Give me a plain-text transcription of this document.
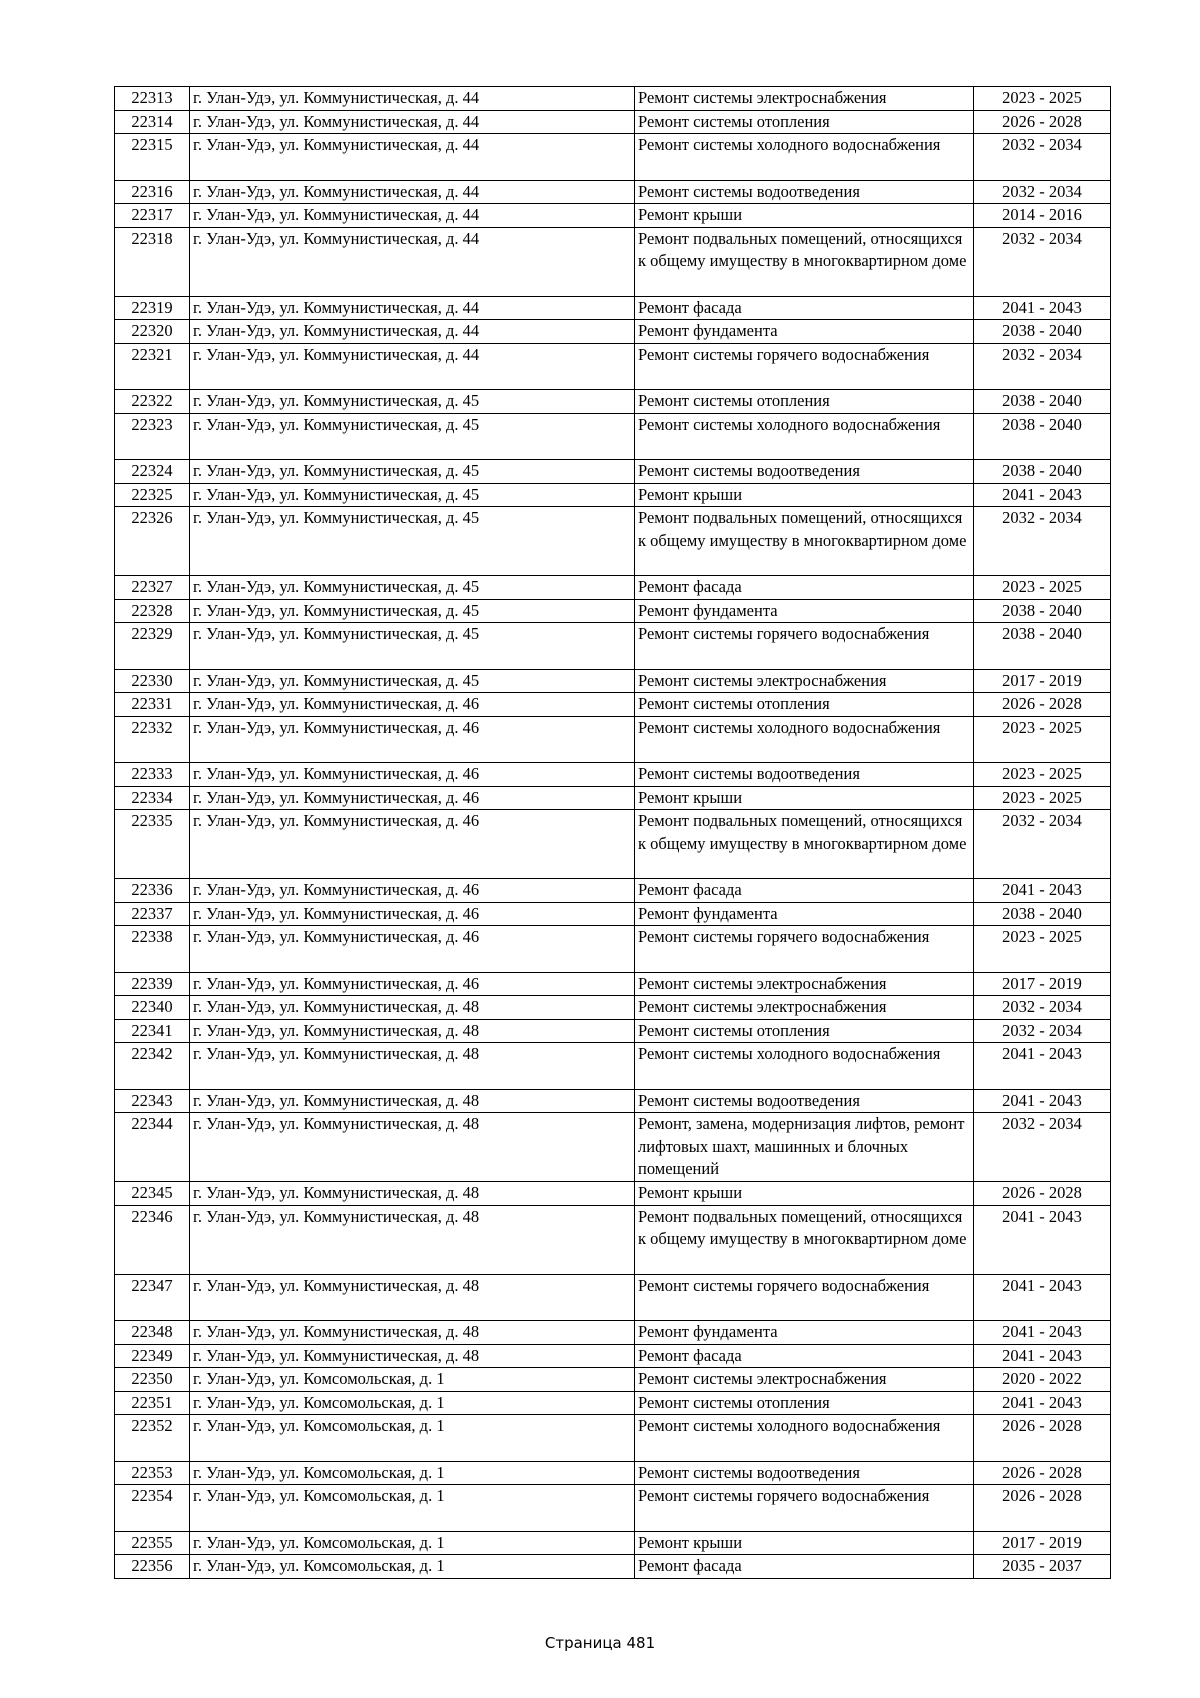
22313	г. Улан-Удэ, ул. Коммунистическая, д. 44	Ремонт системы электроснабжения	2023 - 2025
22314	г. Улан-Удэ, ул. Коммунистическая, д. 44	Ремонт системы отопления	2026 - 2028
22315	г. Улан-Удэ, ул. Коммунистическая, д. 44	Ремонт системы холодного водоснабжения	2032 - 2034
22316	г. Улан-Удэ, ул. Коммунистическая, д. 44	Ремонт системы водоотведения	2032 - 2034
22317	г. Улан-Удэ, ул. Коммунистическая, д. 44	Ремонт крыши	2014 - 2016
22318	г. Улан-Удэ, ул. Коммунистическая, д. 44	Ремонт подвальных помещений, относящихся к общему имуществу в многоквартирном доме	2032 - 2034
22319	г. Улан-Удэ, ул. Коммунистическая, д. 44	Ремонт фасада	2041 - 2043
22320	г. Улан-Удэ, ул. Коммунистическая, д. 44	Ремонт фундамента	2038 - 2040
22321	г. Улан-Удэ, ул. Коммунистическая, д. 44	Ремонт системы горячего водоснабжения	2032 - 2034
22322	г. Улан-Удэ, ул. Коммунистическая, д. 45	Ремонт системы отопления	2038 - 2040
22323	г. Улан-Удэ, ул. Коммунистическая, д. 45	Ремонт системы холодного водоснабжения	2038 - 2040
22324	г. Улан-Удэ, ул. Коммунистическая, д. 45	Ремонт системы водоотведения	2038 - 2040
22325	г. Улан-Удэ, ул. Коммунистическая, д. 45	Ремонт крыши	2041 - 2043
22326	г. Улан-Удэ, ул. Коммунистическая, д. 45	Ремонт подвальных помещений, относящихся к общему имуществу в многоквартирном доме	2032 - 2034
22327	г. Улан-Удэ, ул. Коммунистическая, д. 45	Ремонт фасада	2023 - 2025
22328	г. Улан-Удэ, ул. Коммунистическая, д. 45	Ремонт фундамента	2038 - 2040
22329	г. Улан-Удэ, ул. Коммунистическая, д. 45	Ремонт системы горячего водоснабжения	2038 - 2040
22330	г. Улан-Удэ, ул. Коммунистическая, д. 45	Ремонт системы электроснабжения	2017 - 2019
22331	г. Улан-Удэ, ул. Коммунистическая, д. 46	Ремонт системы отопления	2026 - 2028
22332	г. Улан-Удэ, ул. Коммунистическая, д. 46	Ремонт системы холодного водоснабжения	2023 - 2025
22333	г. Улан-Удэ, ул. Коммунистическая, д. 46	Ремонт системы водоотведения	2023 - 2025
22334	г. Улан-Удэ, ул. Коммунистическая, д. 46	Ремонт крыши	2023 - 2025
22335	г. Улан-Удэ, ул. Коммунистическая, д. 46	Ремонт подвальных помещений, относящихся к общему имуществу в многоквартирном доме	2032 - 2034
22336	г. Улан-Удэ, ул. Коммунистическая, д. 46	Ремонт фасада	2041 - 2043
22337	г. Улан-Удэ, ул. Коммунистическая, д. 46	Ремонт фундамента	2038 - 2040
22338	г. Улан-Удэ, ул. Коммунистическая, д. 46	Ремонт системы горячего водоснабжения	2023 - 2025
22339	г. Улан-Удэ, ул. Коммунистическая, д. 46	Ремонт системы электроснабжения	2017 - 2019
22340	г. Улан-Удэ, ул. Коммунистическая, д. 48	Ремонт системы электроснабжения	2032 - 2034
22341	г. Улан-Удэ, ул. Коммунистическая, д. 48	Ремонт системы отопления	2032 - 2034
22342	г. Улан-Удэ, ул. Коммунистическая, д. 48	Ремонт системы холодного водоснабжения	2041 - 2043
22343	г. Улан-Удэ, ул. Коммунистическая, д. 48	Ремонт системы водоотведения	2041 - 2043
22344	г. Улан-Удэ, ул. Коммунистическая, д. 48	Ремонт, замена, модернизация лифтов, ремонт лифтовых шахт, машинных и блочных помещений	2032 - 2034
22345	г. Улан-Удэ, ул. Коммунистическая, д. 48	Ремонт крыши	2026 - 2028
22346	г. Улан-Удэ, ул. Коммунистическая, д. 48	Ремонт подвальных помещений, относящихся к общему имуществу в многоквартирном доме	2041 - 2043
22347	г. Улан-Удэ, ул. Коммунистическая, д. 48	Ремонт системы горячего водоснабжения	2041 - 2043
22348	г. Улан-Удэ, ул. Коммунистическая, д. 48	Ремонт фундамента	2041 - 2043
22349	г. Улан-Удэ, ул. Коммунистическая, д. 48	Ремонт фасада	2041 - 2043
22350	г. Улан-Удэ, ул. Комсомольская, д. 1	Ремонт системы электроснабжения	2020 - 2022
22351	г. Улан-Удэ, ул. Комсомольская, д. 1	Ремонт системы отопления	2041 - 2043
22352	г. Улан-Удэ, ул. Комсомольская, д. 1	Ремонт системы холодного водоснабжения	2026 - 2028
22353	г. Улан-Удэ, ул. Комсомольская, д. 1	Ремонт системы водоотведения	2026 - 2028
22354	г. Улан-Удэ, ул. Комсомольская, д. 1	Ремонт системы горячего водоснабжения	2026 - 2028
22355	г. Улан-Удэ, ул. Комсомольская, д. 1	Ремонт крыши	2017 - 2019
22356	г. Улан-Удэ, ул. Комсомольская, д. 1	Ремонт фасада	2035 - 2037
Страница 481
